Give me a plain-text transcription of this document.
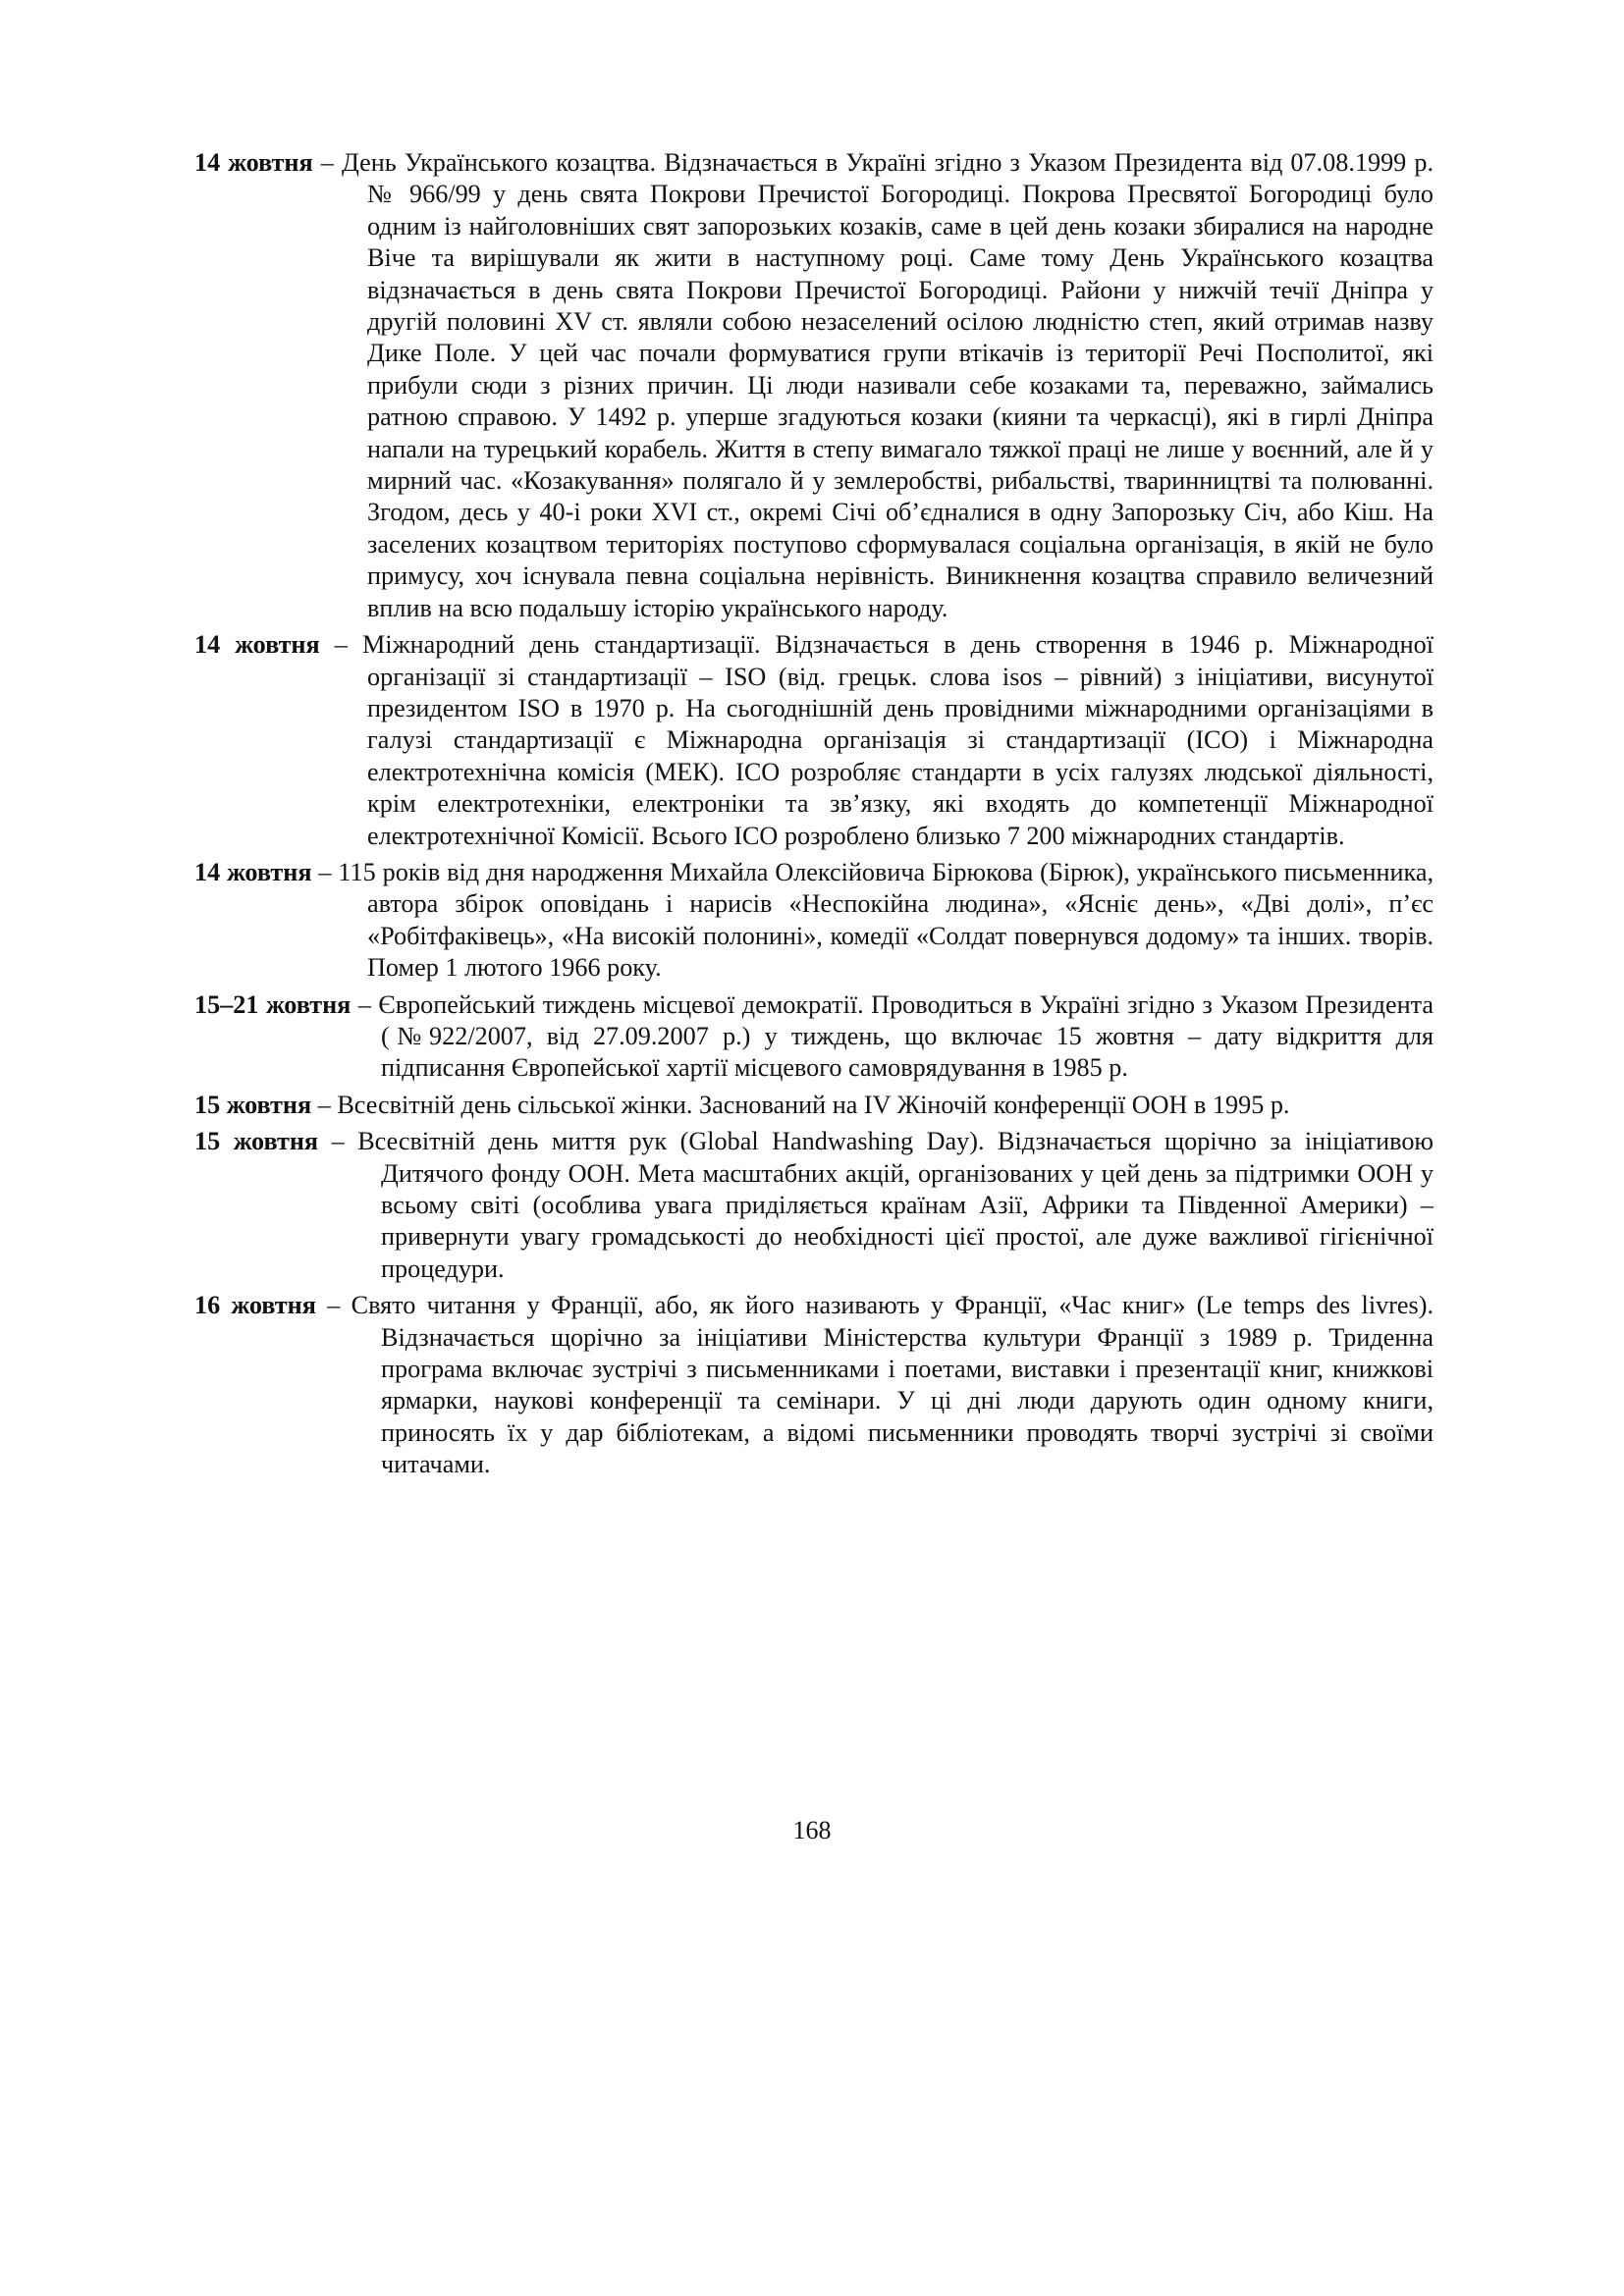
14 жовтня – День Українського козацтва. Відзначається в Україні згідно з Указом Президента від 07.08.1999 р. № 966/99 у день свята Покрови Пречистої Богородиці. Покрова Пресвятої Богородиці було одним із найголовніших свят запорозьких козаків, саме в цей день козаки збиралися на народне Віче та вирішували як жити в наступному році. Саме тому День Українського козацтва відзначається в день свята Покрови Пречистої Богородиці. Райони у нижчій течії Дніпра у другій половині XV ст. являли собою незаселений осілою людністю степ, який отримав назву Дике Поле. У цей час почали формуватися групи втікачів із території Речі Посполитої, які прибули сюди з різних причин. Ці люди називали себе козаками та, переважно, займались ратною справою. У 1492 р. уперше згадуються козаки (кияни та черкасці), які в гирлі Дніпра напали на турецький корабель. Життя в степу вимагало тяжкої праці не лише у воєнний, але й у мирний час. «Козакування» полягало й у землеробстві, рибальстві, тваринництві та полюванні. Згодом, десь у 40-і роки XVI ст., окремі Січі об’єдналися в одну Запорозьку Січ, або Кіш. На заселених козацтвом територіях поступово сформувалася соціальна організація, в якій не було примусу, хоч існувала певна соціальна нерівність. Виникнення козацтва справило величезний вплив на всю подальшу історію українського народу.

14 жовтня – Міжнародний день стандартизації. Відзначається в день створення в 1946 р. Міжнародної організації зі стандартизації – ISO (від. грецьк. слова isos – рівний) з ініціативи, висунутої президентом ISO в 1970 р. На сьогоднішній день провідними міжнародними організаціями в галузі стандартизації є Міжнародна організація зі стандартизації (ІСО) і Міжнародна електротехнічна комісія (МЕК). ІСО розробляє стандарти в усіх галузях людської діяльності, крім електротехніки, електроніки та зв’язку, які входять до компетенції Міжнародної електротехнічної Комісії. Всього ІСО розроблено близько 7 200 міжнародних стандартів.

14 жовтня – 115 років від дня народження Михайла Олексійовича Бірюкова (Бірюк), українського письменника, автора збірок оповідань і нарисів «Неспокійна людина», «Ясніє день», «Дві долі», п’єс «Робітфаківець», «На високій полонині», комедії «Солдат повернувся додому» та інших. творів. Помер 1 лютого 1966 року.

15–21 жовтня – Європейський тиждень місцевої демократії. Проводиться в Україні згідно з Указом Президента (№922/2007, від 27.09.2007 р.) у тиждень, що включає 15 жовтня – дату відкриття для підписання Європейської хартії місцевого самоврядування в 1985 р.

15 жовтня – Всесвітній день сільської жінки. Заснований на IV Жіночій конференції ООН в 1995 р.

15 жовтня – Всесвітній день миття рук (Global Handwashing Day). Відзначається щорічно за ініціативою Дитячого фонду ООН. Мета масштабних акцій, організованих у цей день за підтримки ООН у всьому світі (особлива увага приділяється країнам Азії, Африки та Південної Америки) – привернути увагу громадськості до необхідності цієї простої, але дуже важливої гігієнічної процедури.

16 жовтня – Свято читання у Франції, або, як його називають у Франції, «Час книг» (Le temps des livres). Відзначається щорічно за ініціативи Міністерства культури Франції з 1989 р. Триденна програма включає зустрічі з письменниками і поетами, виставки і презентації книг, книжкові ярмарки, наукові конференції та семінари. У ці дні люди дарують один одному книги, приносять їх у дар бібліотекам, а відомі письменники проводять творчі зустрічі зі своїми читачами.

168
